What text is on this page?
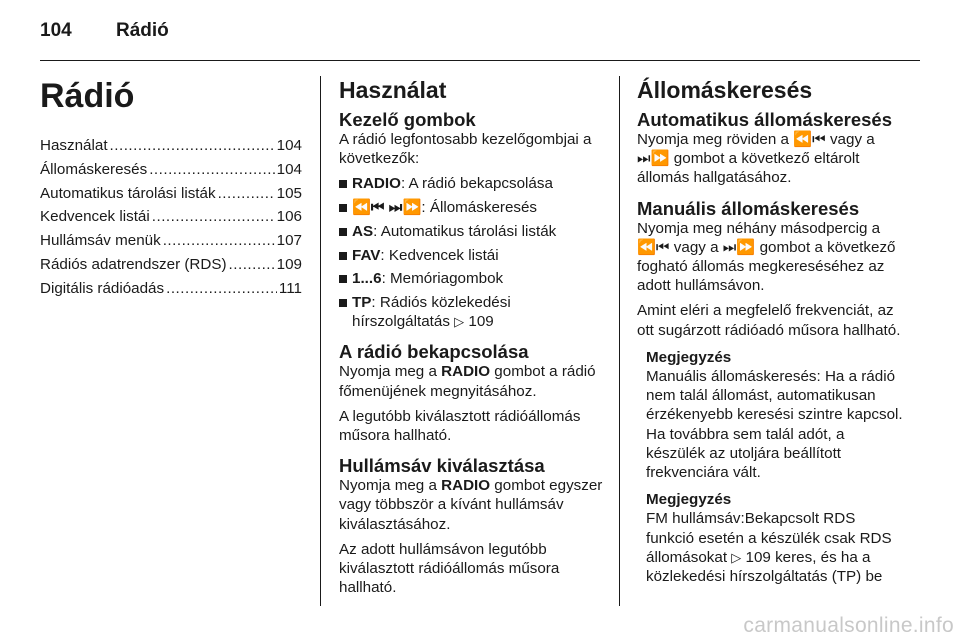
104 Rádió
Rádió
Használat .....	104
Állomáskeresés .....	104
Automatikus tárolási listák .....	105
Kedvencek listái .....	106
Hullámsáv menük .....	107
Rádiós adatrendszer (RDS) .....	109
Digitális rádióadás .....	111
Használat
Kezelő gombok

A rádió legfontosabb kezelőgombjai a következők:

RADIO: A rádió bekapcsolása
⏪⏮ ⏭⏩: Állomáskeresés
AS: Automatikus tárolási listák
FAV: Kedvencek listái
1...6: Memóriagombok
TP: Rádiós közlekedési hírszolgáltatás ▷ 109
A rádió bekapcsolása

Nyomja meg a RADIO gombot a rádió főmenüjének megnyitásához.

A legutóbb kiválasztott rádióállomás műsora hallható.

Hullámsáv kiválasztása

Nyomja meg a RADIO gombot egyszer vagy többször a kívánt hullámsáv kiválasztásához.

Az adott hullámsávon legutóbb kiválasztott rádióállomás műsora hallható.

Állomáskeresés
Automatikus állomáskeresés

Nyomja meg röviden a ⏪⏮ vagy a ⏭⏩ gombot a következő eltárolt állomás hallgatásához.

Manuális állomáskeresés

Nyomja meg néhány másodpercig a ⏪⏮ vagy a ⏭⏩ gombot a következő fogható állomás megkereséséhez az adott hullámsávon.

Amint eléri a megfelelő frekvenciát, az ott sugárzott rádióadó műsora hallható.

Megjegyzés

Manuális állomáskeresés: Ha a rádió nem talál állomást, automatikusan érzékenyebb keresési szintre kapcsol. Ha továbbra sem talál adót, a készülék az utoljára beállított frekvenciára vált.

Megjegyzés

FM hullámsáv:Bekapcsolt RDS funkció esetén a készülék csak RDS állomásokat ▷ 109 keres, és ha a közlekedési hírszolgáltatás (TP) be

carmanualsonline.info
